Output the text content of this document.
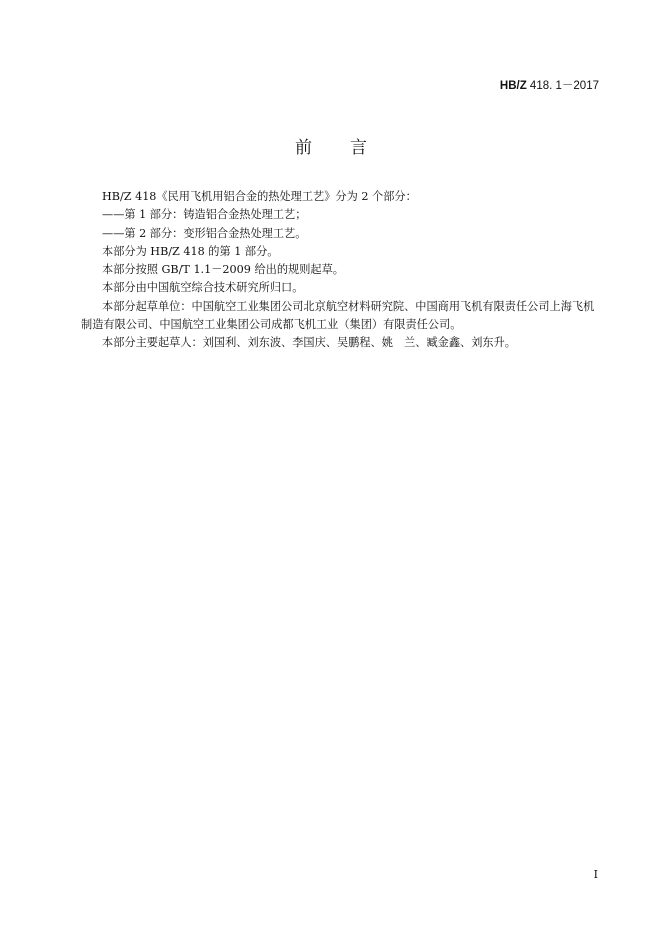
HB/Z 418. 1－2017
前言

HB/Z 418《民用飞机用铝合金的热处理工艺》分为 2 个部分：

——第 1 部分：铸造铝合金热处理工艺；

——第 2 部分：变形铝合金热处理工艺。

本部分为 HB/Z 418 的第 1 部分。

本部分按照 GB/T 1.1－2009 给出的规则起草。

本部分由中国航空综合技术研究所归口。

本部分起草单位：中国航空工业集团公司北京航空材料研究院、中国商用飞机有限责任公司上海飞机制造有限公司、中国航空工业集团公司成都飞机工业（集团）有限责任公司。

本部分主要起草人：刘国利、刘东波、李国庆、吴鹏程、姚　兰、臧金鑫、刘东升。

I
